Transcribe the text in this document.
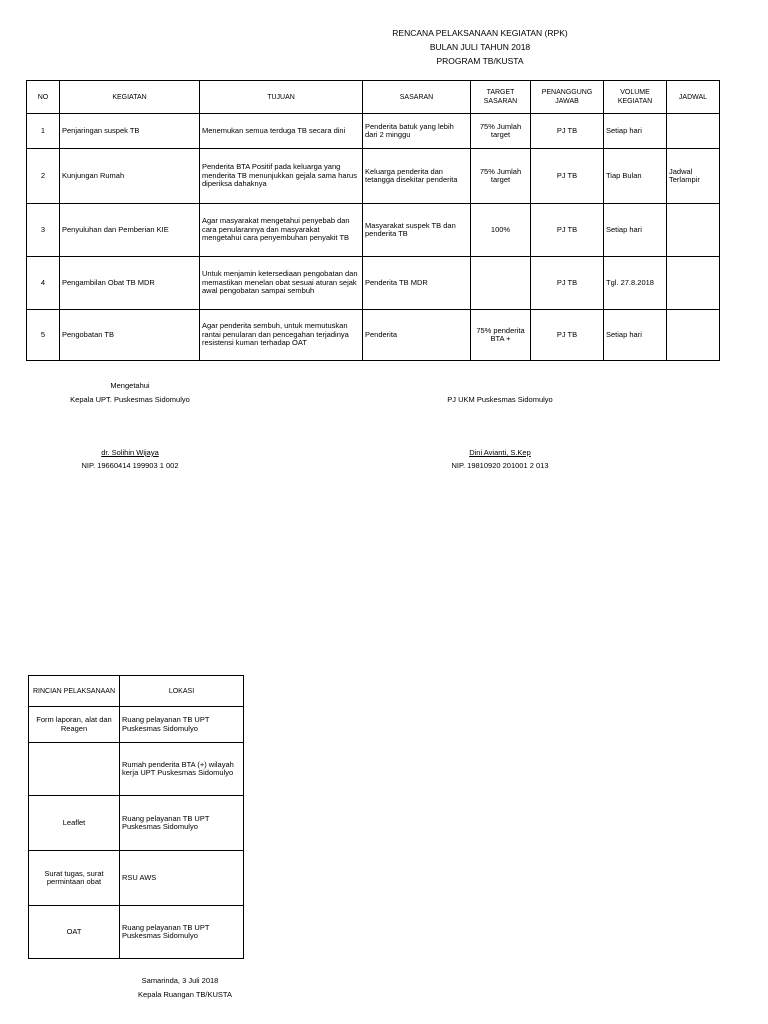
RENCANA PELAKSANAAN KEGIATAN (RPK)
BULAN JULI TAHUN 2018
PROGRAM TB/KUSTA
NO	KEGIATAN	TUJUAN	SASARAN	TARGET SASARAN	PENANGGUNG JAWAB	VOLUME KEGIATAN	JADWAL
1	Penjaringan suspek TB	Menemukan semua terduga TB secara dini	Penderita batuk yang lebih dari 2 minggu	75% Jumlah target	PJ TB	Setiap hari	
2	Kunjungan Rumah	Penderita BTA Positif pada keluarga yang menderita TB menunjukkan gejala sama harus diperiksa dahaknya	Keluarga penderita dan tetangga disekitar penderita	75% Jumlah target	PJ TB	Tiap Bulan	Jadwal Terlampir
3	Penyuluhan dan Pemberian KIE	Agar masyarakat mengetahui penyebab dan cara penularannya dan masyarakat mengetahui cara penyembuhan penyakit TB	Masyarakat suspek TB dan penderita TB	100%	PJ TB	Setiap hari	
4	Pengambilan Obat TB MDR	Untuk menjamin ketersediaan pengobatan dan memastikan menelan obat sesuai aturan sejak awal pengobatan sampai sembuh	Penderita TB MDR		PJ TB	Tgl. 27.8.2018	
5	Pengobatan TB	Agar penderita sembuh, untuk memutuskan rantai penularan dan pencegahan terjadinya resistensi kuman terhadap OAT	Penderita	75% penderita BTA +	PJ TB	Setiap hari	
Mengetahui
Kepala UPT. Puskesmas Sidomulyo	PJ UKM Puskesmas Sidomulyo
dr. Solihin Wijaya	Dini Avianti, S.Kep
NIP. 19660414 199903 1 002	NIP. 19810920 201001 2 013
RINCIAN PELAKSANAAN	LOKASI
Form laporan, alat dan Reagen	Ruang pelayanan TB UPT Puskesmas Sidomulyo
	Rumah penderita BTA (+) wilayah kerja UPT Puskesmas Sidomulyo
Leaflet	Ruang pelayanan TB UPT Puskesmas Sidomulyo
Surat tugas, surat permintaan obat	RSU AWS
OAT	Ruang pelayanan TB UPT Puskesmas Sidomulyo
Samarinda, 3 Juli 2018
Kepala Ruangan TB/KUSTA
